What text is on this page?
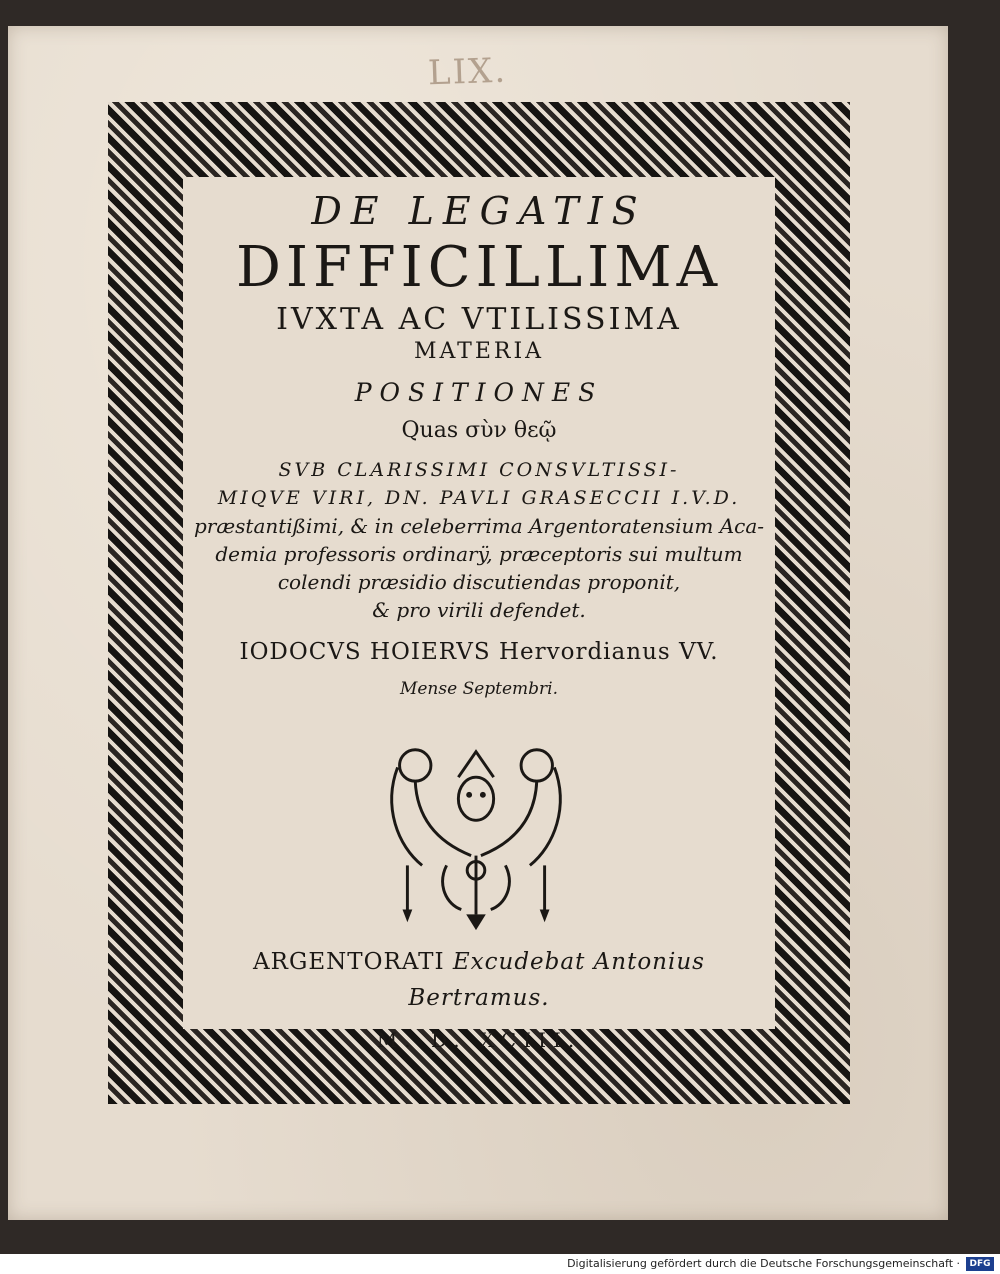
LIX.
DE LEGATIS
DIFFICILLIMA
IVXTA AC VTILISSIMA
MATERIA
POSITIONES
Quas σὺν θεῷ
SVB CLARISSIMI CONSVLTISSI-
MIQVE VIRI, DN. PAVLI GRASECCII I.V.D.
præstantißimi, & in celeberrima Argentoratensium Aca-
demia professoris ordinarÿ, præceptoris sui multum
colendi præsidio discutiendas proponit,
& pro virili defendet.
IODOCVS HOIERVS Hervordianus VV.
Mense Septembri.
ARGENTORATI Excudebat Antonius Bertramus.
M. D. XCIII.
Digitalisierung gefördert durch die Deutsche Forschungsgemeinschaft ·	DFG
